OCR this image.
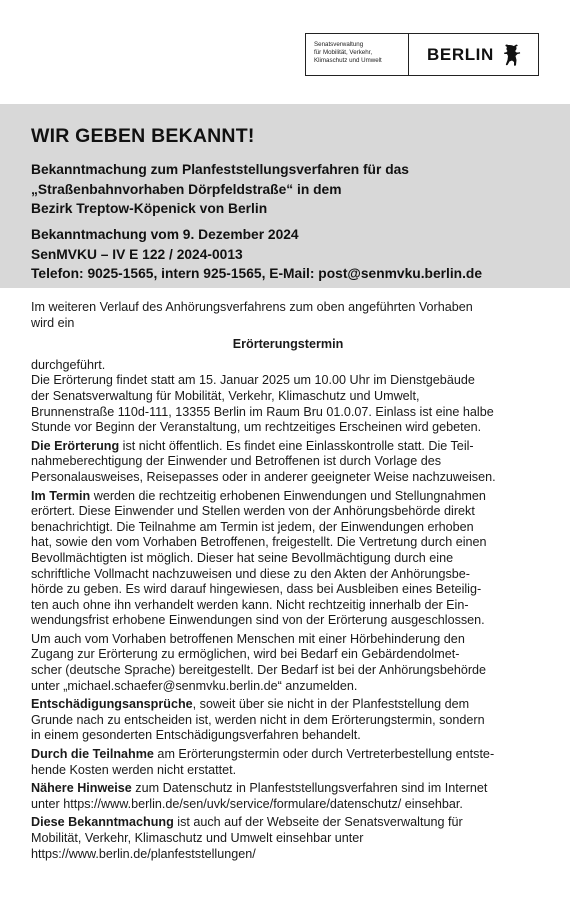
Senatsverwaltung
für Mobilität, Verkehr,
Klimaschutz und Umwelt	BERLIN
WIR GEBEN BEKANNT!
Bekanntmachung zum Planfeststellungsverfahren für das
„Straßenbahnvorhaben Dörpfeldstraße“ in dem
Bezirk Treptow-Köpenick von Berlin
Bekanntmachung vom 9. Dezember 2024
SenMVKU – IV E 122 / 2024-0013
Telefon: 9025-1565, intern 925-1565, E-Mail: post@senmvku.berlin.de

Im weiteren Verlauf des Anhörungsverfahrens zum oben angeführten Vorhaben
wird ein

Erörterungstermin

durchgeführt.

Die Erörterung findet statt am 15. Januar 2025 um 10.00 Uhr im Dienstgebäude
der Senatsverwaltung für Mobilität, Verkehr, Klimaschutz und Umwelt,
Brunnenstraße 110d-111, 13355 Berlin im Raum Bru 01.0.07. Einlass ist eine halbe
Stunde vor Beginn der Veranstaltung, um rechtzeitiges Erscheinen wird gebeten.

Die Erörterung ist nicht öffentlich. Es findet eine Einlasskontrolle statt. Die Teil-
nahmeberechtigung der Einwender und Betroffenen ist durch Vorlage des
Personalausweises, Reisepasses oder in anderer geeigneter Weise nachzuweisen.

Im Termin werden die rechtzeitig erhobenen Einwendungen und Stellungnahmen
erörtert. Diese Einwender und Stellen werden von der Anhörungsbehörde direkt
benachrichtigt. Die Teilnahme am Termin ist jedem, der Einwendungen erhoben
hat, sowie den vom Vorhaben Betroffenen, freigestellt. Die Vertretung durch einen
Bevollmächtigten ist möglich. Dieser hat seine Bevollmächtigung durch eine
schriftliche Vollmacht nachzuweisen und diese zu den Akten der Anhörungsbe-
hörde zu geben. Es wird darauf hingewiesen, dass bei Ausbleiben eines Beteilig-
ten auch ohne ihn verhandelt werden kann. Nicht rechtzeitig innerhalb der Ein-
wendungsfrist erhobene Einwendungen sind von der Erörterung ausgeschlossen.

Um auch vom Vorhaben betroffenen Menschen mit einer Hörbehinderung den
Zugang zur Erörterung zu ermöglichen, wird bei Bedarf ein Gebärdendolmet-
scher (deutsche Sprache) bereitgestellt. Der Bedarf ist bei der Anhörungsbehörde
unter „michael.schaefer@senmvku.berlin.de“ anzumelden.

Entschädigungsansprüche, soweit über sie nicht in der Planfeststellung dem
Grunde nach zu entscheiden ist, werden nicht in dem Erörterungstermin, sondern
in einem gesonderten Entschädigungsverfahren behandelt.

Durch die Teilnahme am Erörterungstermin oder durch Vertreterbestellung entste-
hende Kosten werden nicht erstattet.

Nähere Hinweise zum Datenschutz in Planfeststellungsverfahren sind im Internet
unter https://www.berlin.de/sen/uvk/service/formulare/datenschutz/ einsehbar.

Diese Bekanntmachung ist auch auf der Webseite der Senatsverwaltung für
Mobilität, Verkehr, Klimaschutz und Umwelt einsehbar unter
https://www.berlin.de/planfeststellungen/
